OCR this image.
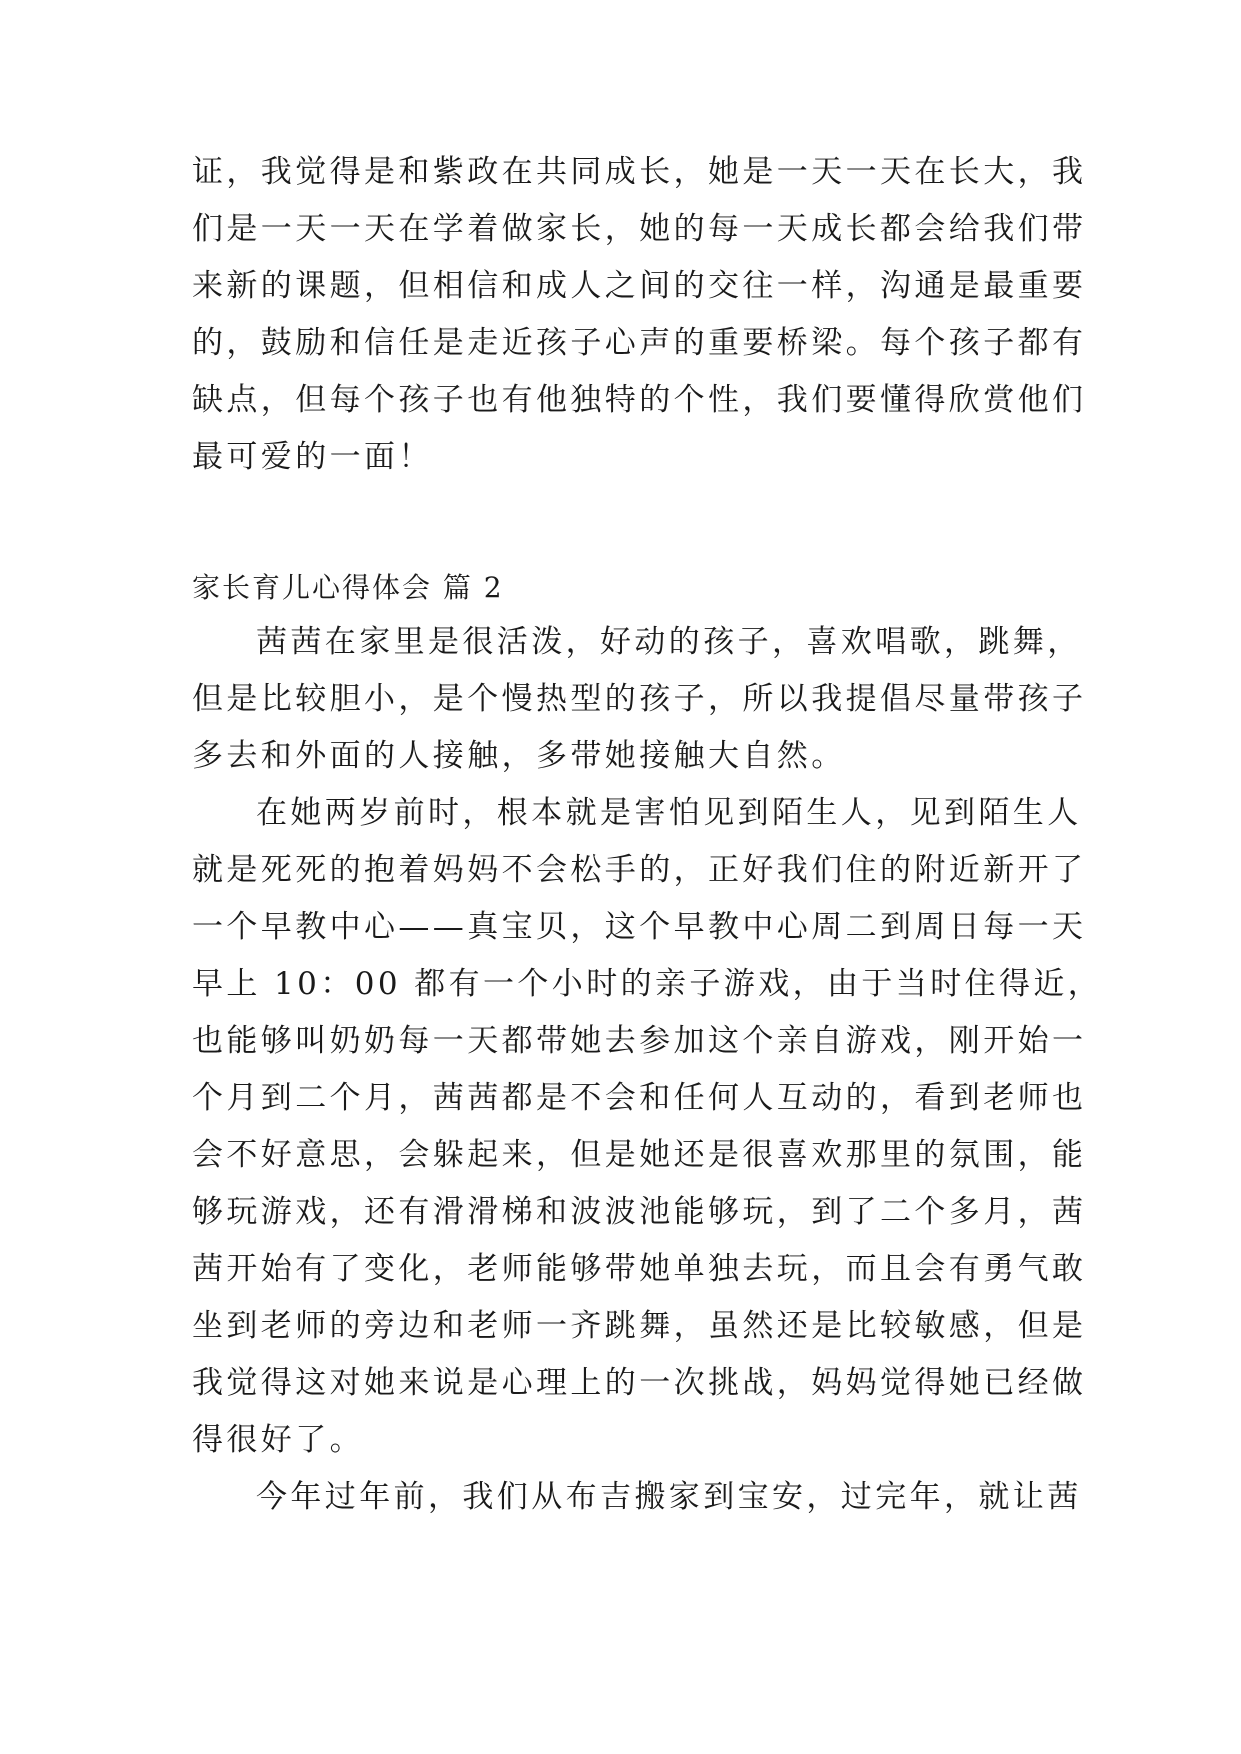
证，我觉得是和紫政在共同成长，她是一天一天在长大，我
们是一天一天在学着做家长，她的每一天成长都会给我们带
来新的课题，但相信和成人之间的交往一样，沟通是最重要
的，鼓励和信任是走近孩子心声的重要桥梁。每个孩子都有
缺点，但每个孩子也有他独特的个性，我们要懂得欣赏他们
最可爱的一面！
家长育儿心得体会 篇 2
茜茜在家里是很活泼，好动的孩子，喜欢唱歌，跳舞，
但是比较胆小，是个慢热型的孩子，所以我提倡尽量带孩子
多去和外面的人接触，多带她接触大自然。
在她两岁前时，根本就是害怕见到陌生人，见到陌生人
就是死死的抱着妈妈不会松手的，正好我们住的附近新开了
一个早教中心——真宝贝，这个早教中心周二到周日每一天
早上 10：00 都有一个小时的亲子游戏，由于当时住得近，
也能够叫奶奶每一天都带她去参加这个亲自游戏，刚开始一
个月到二个月，茜茜都是不会和任何人互动的，看到老师也
会不好意思，会躲起来，但是她还是很喜欢那里的氛围，能
够玩游戏，还有滑滑梯和波波池能够玩，到了二个多月，茜
茜开始有了变化，老师能够带她单独去玩，而且会有勇气敢
坐到老师的旁边和老师一齐跳舞，虽然还是比较敏感，但是
我觉得这对她来说是心理上的一次挑战，妈妈觉得她已经做
得很好了。
今年过年前，我们从布吉搬家到宝安，过完年，就让茜
